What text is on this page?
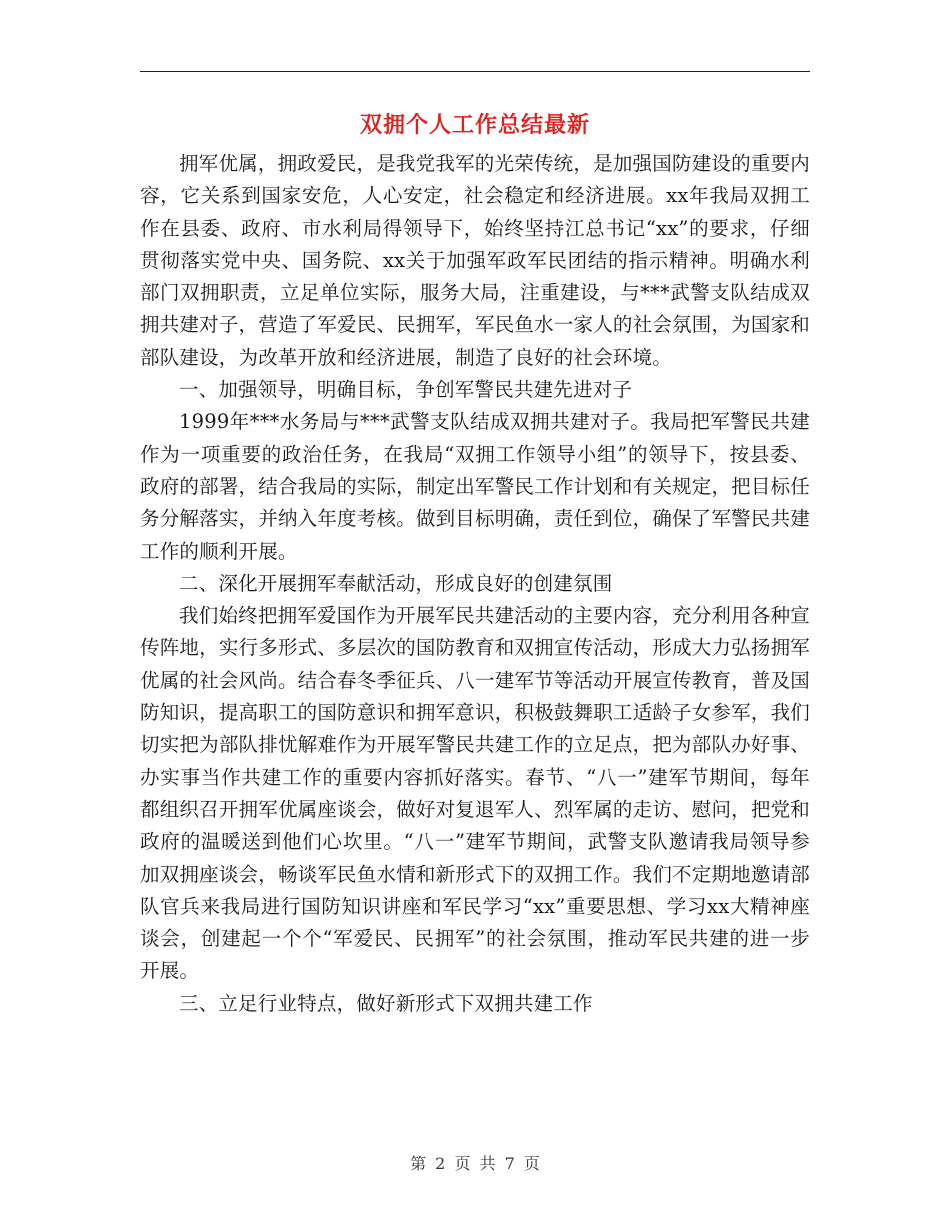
双拥个人工作总结最新

拥军优属，拥政爱民，是我党我军的光荣传统，是加强国防建设的重要内容，它关系到国家安危，人心安定，社会稳定和经济进展。xx年我局双拥工作在县委、政府、市水利局得领导下，始终坚持江总书记“xx”的要求，仔细贯彻落实党中央、国务院、xx关于加强军政军民团结的指示精神。明确水利部门双拥职责，立足单位实际，服务大局，注重建设，与***武警支队结成双拥共建对子，营造了军爱民、民拥军，军民鱼水一家人的社会氛围，为国家和部队建设，为改革开放和经济进展，制造了良好的社会环境。

一、加强领导，明确目标，争创军警民共建先进对子

1999年***水务局与***武警支队结成双拥共建对子。我局把军警民共建作为一项重要的政治任务，在我局“双拥工作领导小组”的领导下，按县委、政府的部署，结合我局的实际，制定出军警民工作计划和有关规定，把目标任务分解落实，并纳入年度考核。做到目标明确，责任到位，确保了军警民共建工作的顺利开展。

二、深化开展拥军奉献活动，形成良好的创建氛围

我们始终把拥军爱国作为开展军民共建活动的主要内容，充分利用各种宣传阵地，实行多形式、多层次的国防教育和双拥宣传活动，形成大力弘扬拥军优属的社会风尚。结合春冬季征兵、八一建军节等活动开展宣传教育，普及国防知识，提高职工的国防意识和拥军意识，积极鼓舞职工适龄子女参军，我们切实把为部队排忧解难作为开展军警民共建工作的立足点，把为部队办好事、办实事当作共建工作的重要内容抓好落实。春节、“八一”建军节期间，每年都组织召开拥军优属座谈会，做好对复退军人、烈军属的走访、慰问，把党和政府的温暖送到他们心坎里。“八一”建军节期间，武警支队邀请我局领导参加双拥座谈会，畅谈军民鱼水情和新形式下的双拥工作。我们不定期地邀请部队官兵来我局进行国防知识讲座和军民学习“xx”重要思想、学习xx大精神座谈会，创建起一个个“军爱民、民拥军”的社会氛围，推动军民共建的进一步开展。

三、立足行业特点，做好新形式下双拥共建工作

第 2 页 共 7 页
